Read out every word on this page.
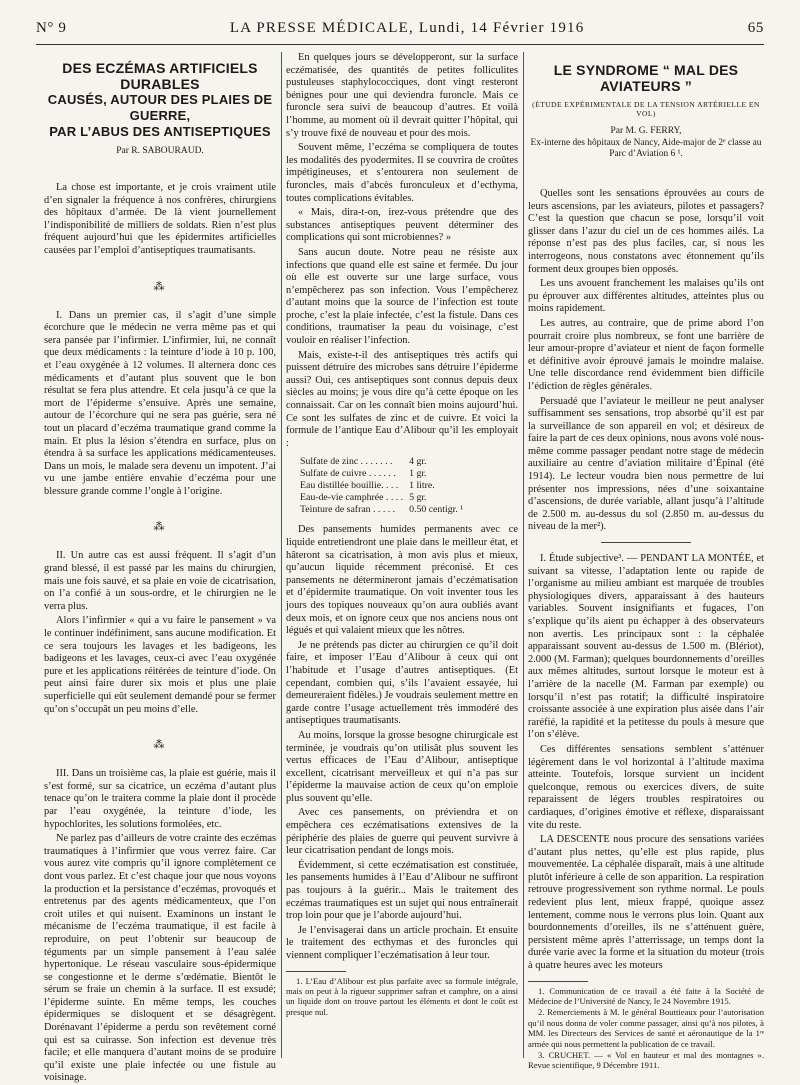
N° 9	LA PRESSE MÉDICALE, Lundi, 14 Février 1916	65
DES ECZÉMAS ARTIFICIELS DURABLES
CAUSÉS, AUTOUR DES PLAIES DE GUERRE,
PAR L’ABUS DES ANTISEPTIQUES
Par R. SABOURAUD.

La chose est importante, et je crois vraiment utile d’en signaler la fréquence à nos confrères, chirurgiens des hôpitaux d’armée. De là vient journellement l’indisponibilité de milliers de soldats. Rien n’est plus fréquent aujourd’hui que les épidermites artificielles causées par l’emploi d’antiseptiques traumatisants.

⁂

I. Dans un premier cas, il s’agit d’une simple écorchure que le médecin ne verra même pas et qui sera pansée par l’infirmier. L’infirmier, lui, ne connaît que deux médicaments : la teinture d’iode à 10 p. 100, et l’eau oxygénée à 12 volumes. Il alternera donc ces médicaments et d’autant plus souvent que le bon résultat se fera plus attendre. Et cela jusqu’à ce que la mort de l’épiderme s’ensuive. Après une semaine, autour de l’écorchure qui ne sera pas guérie, sera né tout un placard d’eczéma traumatique grand comme la main. Et plus la lésion s’étendra en surface, plus on étendra à sa surface les applications médicamenteuses. Dans un mois, le malade sera devenu un impotent. J’ai vu une jambe entière envahie d’eczéma pour une blessure grande comme l’ongle à l’origine.

⁂

II. Un autre cas est aussi fréquent. Il s’agit d’un grand blessé, il est passé par les mains du chirurgien, mais une fois sauvé, et sa plaie en voie de cicatrisation, on l’a confié à un sous-ordre, et le chirurgien ne le verra plus.

Alors l’infirmier « qui a vu faire le pansement » va le continuer indéfiniment, sans aucune modification. Et ce sera toujours les lavages et les badigeons, les badigeons et les lavages, ceux-ci avec l’eau oxygénée pure et les applications réitérées de teinture d’iode. On peut ainsi faire durer six mois et plus une plaie superficielle qui eût seulement demandé pour se fermer qu’on s’occupât un peu moins d’elle.

⁂

III. Dans un troisième cas, la plaie est guérie, mais il s’est formé, sur sa cicatrice, un eczéma d’autant plus tenace qu’on le traitera comme la plaie dont il procède par l’eau oxygénée, la teinture d’iode, les hypochlorites, les solutions formolées, etc.

Ne parlez pas d’ailleurs de votre crainte des eczémas traumatiques à l’infirmier que vous verrez faire. Car vous aurez vite compris qu’il ignore complètement ce dont vous parlez. Et c’est chaque jour que nous voyons la production et la persistance d’eczémas, provoqués et entretenus par des agents médicamenteux, que l’on croit utiles et qui nuisent. Examinons un instant le mécanisme de l’eczéma traumatique, il est facile à reproduire, on peut l’obtenir sur beaucoup de téguments par un simple pansement à l’eau salée hypertonique. Le réseau vasculaire sous-épidermique se congestionne et le derme s’œdématie. Bientôt le sérum se fraie un chemin à la surface. Il est exsudé; l’épiderme suinte. En même temps, les couches épidermiques se disloquent et se désagrègent. Dorénavant l’épiderme a perdu son revêtement corné qui est sa cuirasse. Son infection est devenue très facile; et elle manquera d’autant moins de se produire qu’il existe une plaie infectée ou une fistule au voisinage.

En quelques jours se développeront, sur la surface eczématisée, des quantités de petites folliculites pustuleuses staphylococciques, dont vingt resteront bénignes pour une qui deviendra furoncle. Mais ce furoncle sera suivi de beaucoup d’autres. Et voilà l’homme, au moment où il devrait quitter l’hôpital, qui s’y trouve fixé de nouveau et pour des mois.

Souvent même, l’eczéma se compliquera de toutes les modalités des pyodermites. Il se couvrira de croûtes impétigineuses, et s’entourera non seulement de furoncles, mais d’abcès furonculeux et d’ecthyma, toutes complications évitables.

« Mais, dira-t-on, irez-vous prétendre que des substances antiseptiques peuvent déterminer des complications qui sont microbiennes? »

Sans aucun doute. Notre peau ne résiste aux infections que quand elle est saine et fermée. Du jour où elle est ouverte sur une large surface, vous n’empêcherez pas son infection. Vous l’empêcherez d’autant moins que la source de l’infection est toute proche, c’est la plaie infectée, c’est la fistule. Dans ces conditions, traumatiser la peau du voisinage, c’est vouloir en réaliser l’infection.

Mais, existe-t-il des antiseptiques très actifs qui puissent détruire des microbes sans détruire l’épiderme aussi? Oui, ces antiseptiques sont connus depuis deux siècles au moins; je vous dire qu’à cette époque on les connaissait. Car on les connaît bien moins aujourd’hui. Ce sont les sulfates de zinc et de cuivre. Et voici la formule de l’antique Eau d’Alibour qu’il les employait :

Sulfate de zinc . . . . . . .	4 gr.
Sulfate de cuivre . . . . . .	1 gr.
Eau distillée bouillie. . . .	1 litre.
Eau-de-vie camphrée . . . .	5 gr.
Teinture de safran . . . . .	0.50 centigr. ¹

Des pansements humides permanents avec ce liquide entretiendront une plaie dans le meilleur état, et hâteront sa cicatrisation, à mon avis plus et mieux, qu’aucun liquide récemment préconisé. Et ces pansements ne détermineront jamais d’eczématisation et d’épidermite traumatique. On voit inventer tous les jours des topiques nouveaux qu’on aura oubliés avant deux mois, et on ignore ceux que nos anciens nous ont légués et qui valaient mieux que les nôtres.

Je ne prétends pas dicter au chirurgien ce qu’il doit faire, et imposer l’Eau d’Alibour à ceux qui ont l’habitude et l’usage d’autres antiseptiques. (Et cependant, combien qui, s’ils l’avaient essayée, lui demeureraient fidèles.) Je voudrais seulement mettre en garde contre l’usage actuellement très immodéré des antiseptiques traumatisants.

Au moins, lorsque la grosse besogne chirurgicale est terminée, je voudrais qu’on utilisât plus souvent les vertus efficaces de l’Eau d’Alibour, antiseptique excellent, cicatrisant merveilleux et qui n’a pas sur l’épiderme la mauvaise action de ceux qu’on emploie plus souvent qu’elle.

Avec ces pansements, on préviendra et on empêchera ces eczématisations extensives de la périphérie des plaies de guerre qui peuvent survivre à leur cicatrisation pendant de longs mois.

Évidemment, si cette eczématisation est constituée, les pansements humides à l’Eau d’Alibour ne suffiront pas toujours à la guérir... Mais le traitement des eczémas traumatiques est un sujet qui nous entraînerait trop loin pour que je l’aborde aujourd’hui.

Je l’envisagerai dans un article prochain. Et ensuite le traitement des ecthymas et des furoncles qui viennent compliquer l’eczématisation à leur tour.

1. L’Eau d’Alibour est plus parfaite avec sa formule intégrale, mais on peut à la rigueur supprimer safran et camphre, on a ainsi un liquide dont on trouve partout les éléments et dont le coût est presque nul.

LE SYNDROME “ MAL DES AVIATEURS ”
(ÉTUDE EXPÉRIMENTALE DE LA TENSION ARTÉRIELLE EN VOL)
Par M. G. FERRY,
Ex-interne des hôpitaux de Nancy, Aide-major de 2ᵉ classe au Parc d’Aviation 6 ¹.

Quelles sont les sensations éprouvées au cours de leurs ascensions, par les aviateurs, pilotes et passagers? C’est la question que chacun se pose, lorsqu’il voit glisser dans l’azur du ciel un de ces hommes ailés. La réponse n’est pas des plus faciles, car, si nous les interrogeons, nous constatons avec étonnement qu’ils forment deux groupes bien opposés.

Les uns avouent franchement les malaises qu’ils ont pu éprouver aux différentes altitudes, atteintes plus ou moins rapidement.

Les autres, au contraire, que de prime abord l’on pourrait croire plus nombreux, se font une barrière de leur amour-propre d’aviateur et nient de façon formelle et définitive avoir éprouvé jamais le moindre malaise. Une telle discordance rend évidemment bien difficile l’édiction de règles générales.

Persuadé que l’aviateur le meilleur ne peut analyser suffisamment ses sensations, trop absorbé qu’il est par la surveillance de son appareil en vol; et désireux de faire la part de ces deux opinions, nous avons volé nous-même comme passager pendant notre stage de médecin auxiliaire au centre d’aviation militaire d’Épinal (été 1914). Le lecteur voudra bien nous permettre de lui présenter nos impressions, nées d’une soixantaine d’ascensions, de durée variable, allant jusqu’à l’altitude de 2.500 m. au-dessus du sol (2.850 m. au-dessus du niveau de la mer²).

I. Étude subjective³. — PENDANT LA MONTÉE, et suivant sa vitesse, l’adaptation lente ou rapide de l’organisme au milieu ambiant est marquée de troubles physiologiques divers, apparaissant à des hauteurs variables. Souvent insignifiants et fugaces, l’on s’explique qu’ils aient pu échapper à des observateurs non avertis. Les principaux sont : la céphalée apparaissant souvent au-dessus de 1.500 m. (Blériot), 2.000 (M. Farman); quelques bourdonnements d’oreilles aux mêmes altitudes, surtout lorsque le moteur est à l’arrière de la nacelle (M. Farman par exemple) ou lorsqu’il n’est pas rotatif; la difficulté inspiratoire croissante associée à une expiration plus aisée dans l’air raréfié, la rapidité et la petitesse du pouls à mesure que l’on s’élève.

Ces différentes sensations semblent s’atténuer légèrement dans le vol horizontal à l’altitude maxima atteinte. Toutefois, lorsque survient un incident quelconque, remous ou exercices divers, de suite reparaissent de légers troubles respiratoires ou cardiaques, d’origines émotive et réflexe, disparaissant vite du reste.

LA DESCENTE nous procure des sensations variées d’autant plus nettes, qu’elle est plus rapide, plus mouvementée. La céphalée disparaît, mais à une altitude plutôt inférieure à celle de son apparition. La respiration retrouve progressivement son rythme normal. Le pouls redevient plus lent, mieux frappé, quoique assez lentement, comme nous le verrons plus loin. Quant aux bourdonnements d’oreilles, ils ne s’atténuent guère, persistent même après l’atterrissage, un temps dont la durée varie avec la forme et la situation du moteur (trois à quatre heures avec les moteurs

1. Communication de ce travail a été faite à la Société de Médecine de l’Université de Nancy, le 24 Novembre 1915.

2. Remerciements à M. le général Bouttieaux pour l’autorisation qu’il nous donna de voler comme passager, ainsi qu’à nos pilotes, à MM. les Directeurs des Services de santé et aéronautique de la 1ʳᵉ armée qui nous permettent la publication de ce travail.

3. CRUCHET. — « Vol en hauteur et mal des montagnes ». Revue scientifique, 9 Décembre 1911.
